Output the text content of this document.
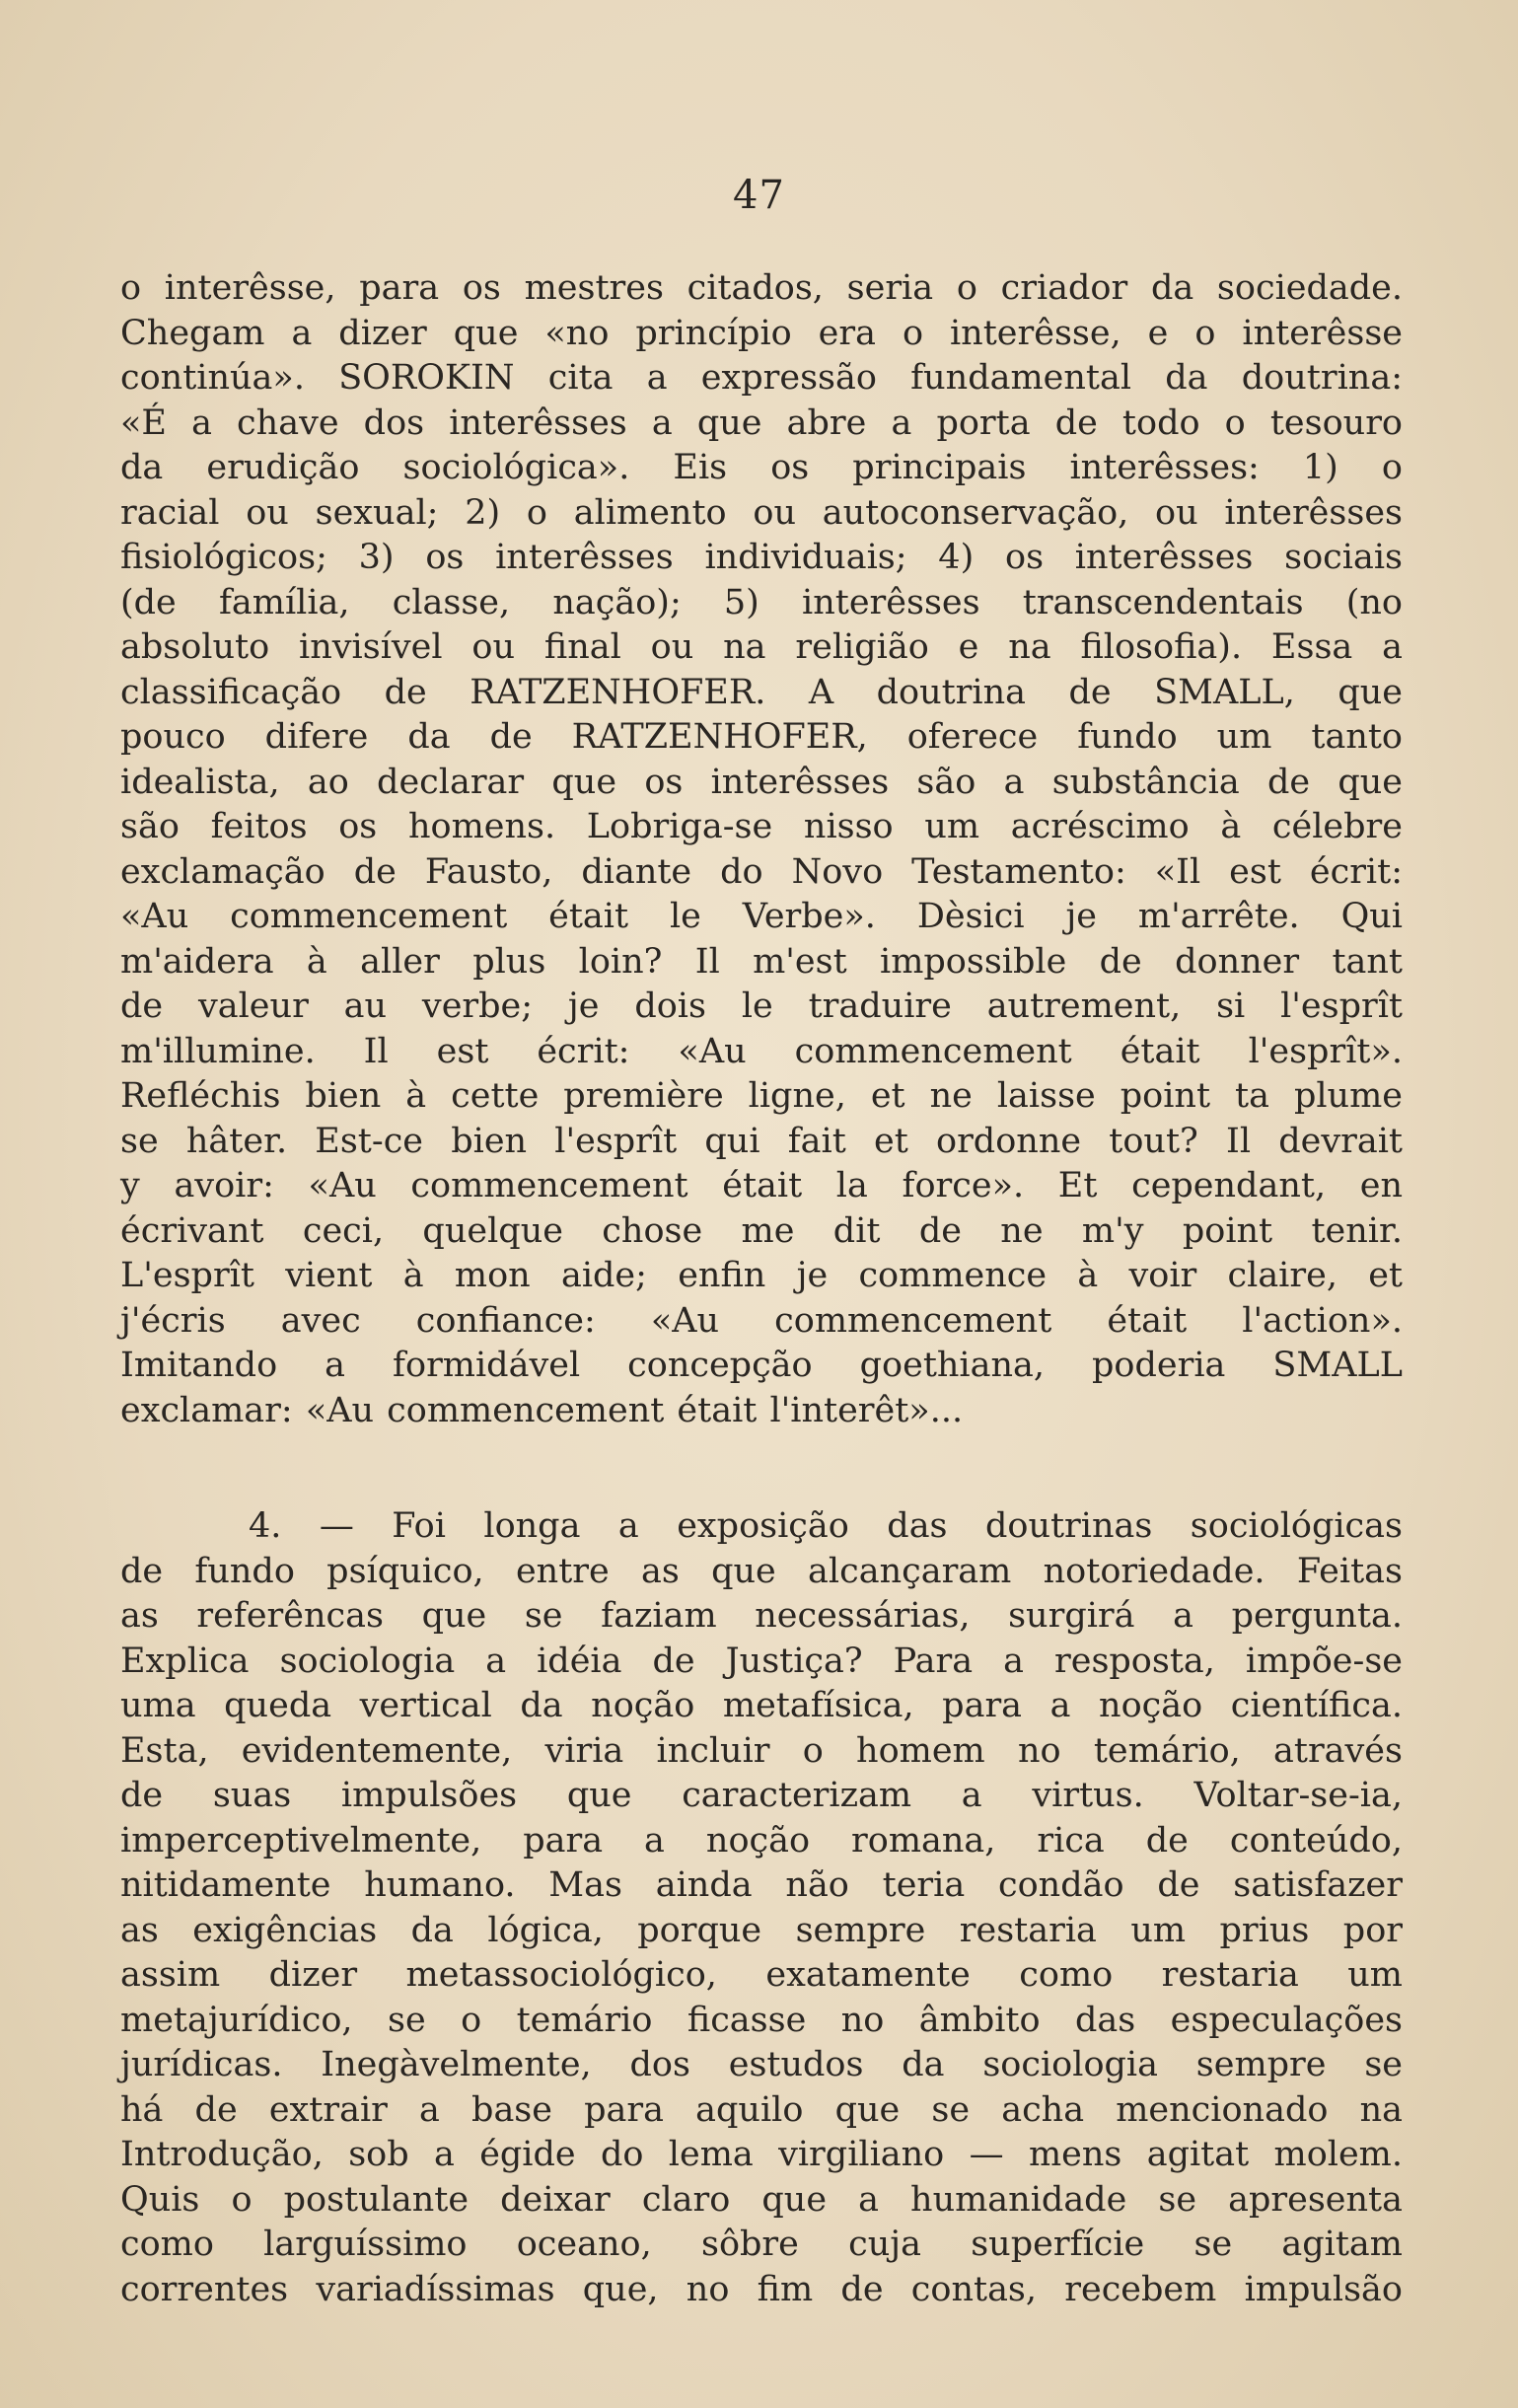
47
o interêsse, para os mestres citados, seria o criador da sociedade.
Chegam a dizer que «no princípio era o interêsse, e o interêsse
continúa». SOROKIN cita a expressão fundamental da doutrina:
«É a chave dos interêsses a que abre a porta de todo o tesouro
da erudição sociológica». Eis os principais interêsses: 1) o
racial ou sexual; 2) o alimento ou autoconservação, ou interêsses
fisiológicos; 3) os interêsses individuais; 4) os interêsses sociais
(de família, classe, nação); 5) interêsses transcendentais (no
absoluto invisível ou final ou na religião e na filosofia). Essa a
classificação de RATZENHOFER. A doutrina de SMALL, que
pouco difere da de RATZENHOFER, oferece fundo um tanto
idealista, ao declarar que os interêsses são a substância de que
são feitos os homens. Lobriga-se nisso um acréscimo à célebre
exclamação de Fausto, diante do Novo Testamento: «Il est écrit:
«Au commencement était le Verbe». Dèsici je m'arrête. Qui
m'aidera à aller plus loin? Il m'est impossible de donner tant
de valeur au verbe; je dois le traduire autrement, si l'esprît
m'illumine. Il est écrit: «Au commencement était l'esprît».
Refléchis bien à cette première ligne, et ne laisse point ta plume
se hâter. Est-ce bien l'esprît qui fait et ordonne tout? Il devrait
y avoir: «Au commencement était la force». Et cependant, en
écrivant ceci, quelque chose me dit de ne m'y point tenir.
L'esprît vient à mon aide; enfin je commence à voir claire, et
j'écris avec confiance: «Au commencement était l'action».
Imitando a formidável concepção goethiana, poderia SMALL
exclamar: «Au commencement était l'interêt»...
4. — Foi longa a exposição das doutrinas sociológicas
de fundo psíquico, entre as que alcançaram notoriedade. Feitas
as referêncas que se faziam necessárias, surgirá a pergunta.
Explica sociologia a idéia de Justiça? Para a resposta, impõe-se
uma queda vertical da noção metafísica, para a noção científica.
Esta, evidentemente, viria incluir o homem no temário, através
de suas impulsões que caracterizam a virtus. Voltar-se-ia,
imperceptivelmente, para a noção romana, rica de conteúdo,
nitidamente humano. Mas ainda não teria condão de satisfazer
as exigências da lógica, porque sempre restaria um prius por
assim dizer metassociológico, exatamente como restaria um
metajurídico, se o temário ficasse no âmbito das especulações
jurídicas. Inegàvelmente, dos estudos da sociologia sempre se
há de extrair a base para aquilo que se acha mencionado na
Introdução, sob a égide do lema virgiliano — mens agitat molem.
Quis o postulante deixar claro que a humanidade se apresenta
como larguíssimo oceano, sôbre cuja superfície se agitam
correntes variadíssimas que, no fim de contas, recebem impulsão
